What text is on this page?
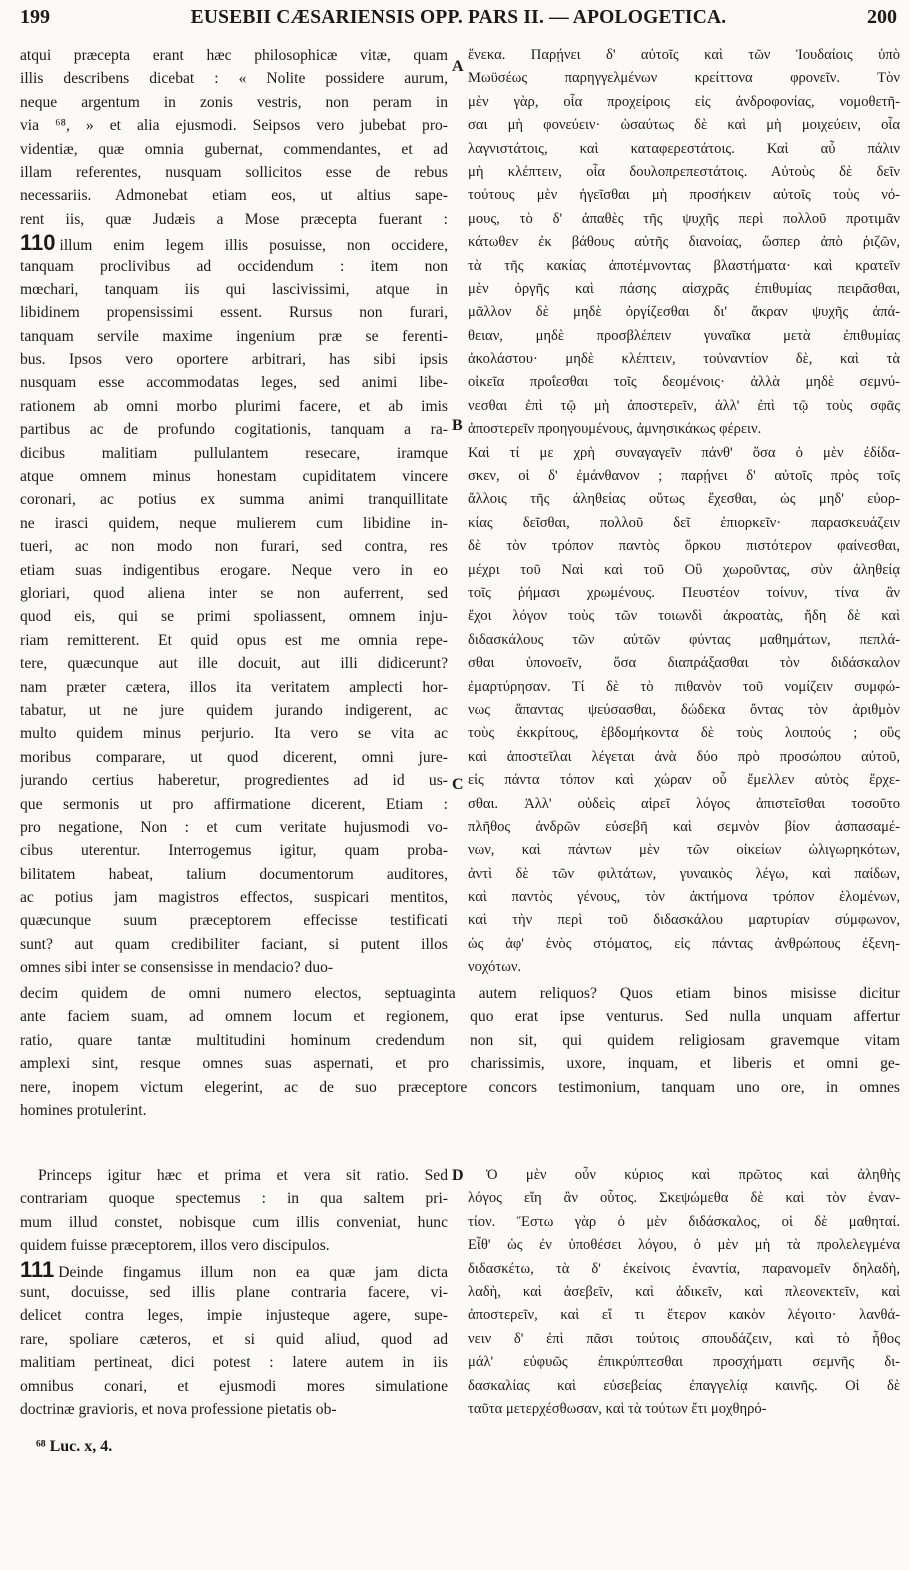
199	EUSEBII CÆSARIENSIS OPP. PARS II. — APOLOGETICA.	200
atqui præcepta erant hæc philosophicæ vitæ, quam
illis describens dicebat : « Nolite possidere aurum,
neque argentum in zonis vestris, non peram in
via ⁶⁸, » et alia ejusmodi. Seipsos vero jubebat pro-
videntiæ, quæ omnia gubernat, commendantes, et ad
illam referentes, nusquam sollicitos esse de rebus
necessariis. Admonebat etiam eos, ut altius sape-
rent iis, quæ Judæis a Mose præcepta fuerant :
110 illum enim legem illis posuisse, non occidere,
tanquam proclivibus ad occidendum : item non
mœchari, tanquam iis qui lascivissimi, atque in
libidinem propensissimi essent. Rursus non furari,
tanquam servile maxime ingenium præ se ferenti-
bus. Ipsos vero oportere arbitrari, has sibi ipsis
nusquam esse accommodatas leges, sed animi libe-
rationem ab omni morbo plurimi facere, et ab imis
partibus ac de profundo cogitationis, tanquam a ra-
dicibus malitiam pullulantem resecare, iramque
atque omnem minus honestam cupiditatem vincere
coronari, ac potius ex summa animi tranquillitate
ne irasci quidem, neque mulierem cum libidine in-
tueri, ac non modo non furari, sed contra, res
etiam suas indigentibus erogare. Neque vero in eo
gloriari, quod aliena inter se non auferrent, sed
quod eis, qui se primi spoliassent, omnem inju-
riam remitterent. Et quid opus est me omnia repe-
tere, quæcunque aut ille docuit, aut illi didicerunt?
nam præter cætera, illos ita veritatem amplecti hor-
tabatur, ut ne jure quidem jurando indigerent, ac
multo quidem minus perjurio. Ita vero se vita ac
moribus comparare, ut quod dicerent, omni jure-
jurando certius haberetur, progredientes ad id us-
que sermonis ut pro affirmatione dicerent, Etiam :
pro negatione, Non : et cum veritate hujusmodi vo-
cibus uterentur. Interrogemus igitur, quam proba-
bilitatem habeat, talium documentorum auditores,
ac potius jam magistros effectos, suspicari mentitos,
quæcunque suum præceptorem effecisse testificati
sunt? aut quam credibiliter faciant, si putent illos
omnes sibi inter se consensisse in mendacio? duo-
ἕνεκα. Παρῄνει δ' αὐτοῖς καὶ τῶν Ἰουδαίοις ὑπὸ
Μωϋσέως παρηγγελμένων κρείττονα φρονεῖν. Τὸν
μὲν γὰρ, οἷα προχείροις εἰς ἀνδροφονίας, νομοθετῆ-
σαι μὴ φονεύειν· ὡσαύτως δὲ καὶ μὴ μοιχεύειν, οἷα
λαγνιστάτοις, καὶ καταφερεστάτοις. Καὶ αὖ πάλιν
μὴ κλέπτειν, οἷα δουλοπρεπεστάτοις. Αὐτοὺς δὲ δεῖν
τούτους μὲν ἡγεῖσθαι μὴ προσήκειν αὐτοῖς τοὺς νό-
μους, τὸ δ' ἀπαθὲς τῆς ψυχῆς περὶ πολλοῦ προτιμᾶν
κάτωθεν ἐκ βάθους αὐτῆς διανοίας, ὥσπερ ἀπὸ ῥιζῶν,
τὰ τῆς κακίας ἀποτέμνοντας βλαστήματα· καὶ κρατεῖν
μὲν ὀργῆς καὶ πάσης αἰσχρᾶς ἐπιθυμίας πειρᾶσθαι,
μᾶλλον δὲ μηδὲ ὀργίζεσθαι δι' ἄκραν ψυχῆς ἀπά-
θειαν, μηδὲ προσβλέπειν γυναῖκα μετὰ ἐπιθυμίας
ἀκολάστου· μηδὲ κλέπτειν, τοὐναντίον δὲ, καὶ τὰ
οἰκεῖα προΐεσθαι τοῖς δεομένοις· ἀλλὰ μηδὲ σεμνύ-
νεσθαι ἐπὶ τῷ μὴ ἀποστερεῖν, ἀλλ' ἐπὶ τῷ τοὺς σφᾶς
ἀποστερεῖν προηγουμένους, ἀμνησικάκως φέρειν.
Καὶ τί με χρὴ συναγαγεῖν πάνθ' ὅσα ὁ μὲν ἐδίδα-
σκεν, οἱ δ' ἐμάνθανον ; παρῄνει δ' αὐτοῖς πρὸς τοῖς
ἄλλοις τῆς ἀληθείας οὕτως ἔχεσθαι, ὡς μηδ' εὐορ-
κίας δεῖσθαι, πολλοῦ δεῖ ἐπιορκεῖν· παρασκευάζειν
δὲ τὸν τρόπον παντὸς ὅρκου πιστότερον φαίνεσθαι,
μέχρι τοῦ Ναὶ καὶ τοῦ Οὒ χωροῦντας, σὺν ἀληθείᾳ
τοῖς ῥήμασι χρωμένους. Πευστέον τοίνυν, τίνα ἂν
ἔχοι λόγον τοὺς τῶν τοιωνδὶ ἀκροατὰς, ἤδη δὲ καὶ
διδασκάλους τῶν αὐτῶν φύντας μαθημάτων, πεπλά-
σθαι ὑπονοεῖν, ὅσα διαπράξασθαι τὸν διδάσκαλον
ἐμαρτύρησαν. Τί δὲ τὸ πιθανὸν τοῦ νομίζειν συμφώ-
νως ἅπαντας ψεύσασθαι, δώδεκα ὄντας τὸν ἀριθμὸν
τοὺς ἐκκρίτους, ἑβδομήκοντα δὲ τοὺς λοιπούς ; οὓς
καὶ ἀποστεῖλαι λέγεται ἀνὰ δύο πρὸ προσώπου αὐτοῦ,
εἰς πάντα τόπον καὶ χώραν οὗ ἔμελλεν αὐτὸς ἔρχε-
σθαι. Ἀλλ' οὐδεὶς αἱρεῖ λόγος ἀπιστεῖσθαι τοσοῦτο
πλῆθος ἀνδρῶν εὐσεβῆ καὶ σεμνὸν βίον ἀσπασαμέ-
νων, καὶ πάντων μὲν τῶν οἰκείων ὠλιγωρηκότων,
ἀντὶ δὲ τῶν φιλτάτων, γυναικὸς λέγω, καὶ παίδων,
καὶ παντὸς γένους, τὸν ἀκτήμονα τρόπον ἑλομένων,
καὶ τὴν περὶ τοῦ διδασκάλου μαρτυρίαν σύμφωνον,
ὡς ἀφ' ἑνὸς στόματος, εἰς πάντας ἀνθρώπους ἐξενη-
νοχότων.
decim quidem de omni numero electos, septuaginta autem reliquos? Quos etiam binos misisse dicitur
ante faciem suam, ad omnem locum et regionem, quo erat ipse venturus. Sed nulla unquam affertur
ratio, quare tantæ multitudini hominum credendum non sit, qui quidem religiosam gravemque vitam
amplexi sint, resque omnes suas aspernati, et pro charissimis, uxore, inquam, et liberis et omni ge-
nere, inopem victum elegerint, ac de suo præceptore concors testimonium, tanquam uno ore, in omnes
homines protulerint.
Princeps igitur hæc et prima et vera sit ratio. Sed
contrariam quoque spectemus : in qua saltem pri-
mum illud constet, nobisque cum illis conveniat, hunc
quidem fuisse præceptorem, illos vero discipulos.
111 Deinde fingamus illum non ea quæ jam dicta
sunt, docuisse, sed illis plane contraria facere, vi-
delicet contra leges, impie injusteque agere, supe-
rare, spoliare cæteros, et si quid aliud, quod ad
malitiam pertineat, dici potest : latere autem in iis
omnibus conari, et ejusmodi mores simulatione
doctrinæ gravioris, et nova professione pietatis ob-
Ὁ μὲν οὖν κύριος καὶ πρῶτος καὶ ἀληθὴς
λόγος εἴη ἂν οὗτος. Σκεψώμεθα δὲ καὶ τὸν ἐναν-
τίον. Ἔστω γὰρ ὁ μὲν διδάσκαλος, οἱ δὲ μαθηταί.
Εἶθ' ὡς ἐν ὑποθέσει λόγου, ὁ μὲν μὴ τὰ προλελεγμένα
διδασκέτω, τὰ δ' ἐκείνοις ἐναντία, παρανομεῖν δηλαδὴ,
λαδὴ, καὶ ἀσεβεῖν, καὶ ἀδικεῖν, καὶ πλεονεκτεῖν, καὶ
ἀποστερεῖν, καὶ εἴ τι ἕτερον κακὸν λέγοιτο· λανθά-
νειν δ' ἐπὶ πᾶσι τούτοις σπουδάζειν, καὶ τὸ ἦθος
μάλ' εὐφυῶς ἐπικρύπτεσθαι προσχήματι σεμνῆς δι-
δασκαλίας καὶ εὐσεβείας ἐπαγγελίᾳ καινῆς. Οἱ δὲ
ταῦτα μετερχέσθωσαν, καὶ τὰ τούτων ἔτι μοχθηρό-
A
B
C
D
⁶⁸ Luc. x, 4.
